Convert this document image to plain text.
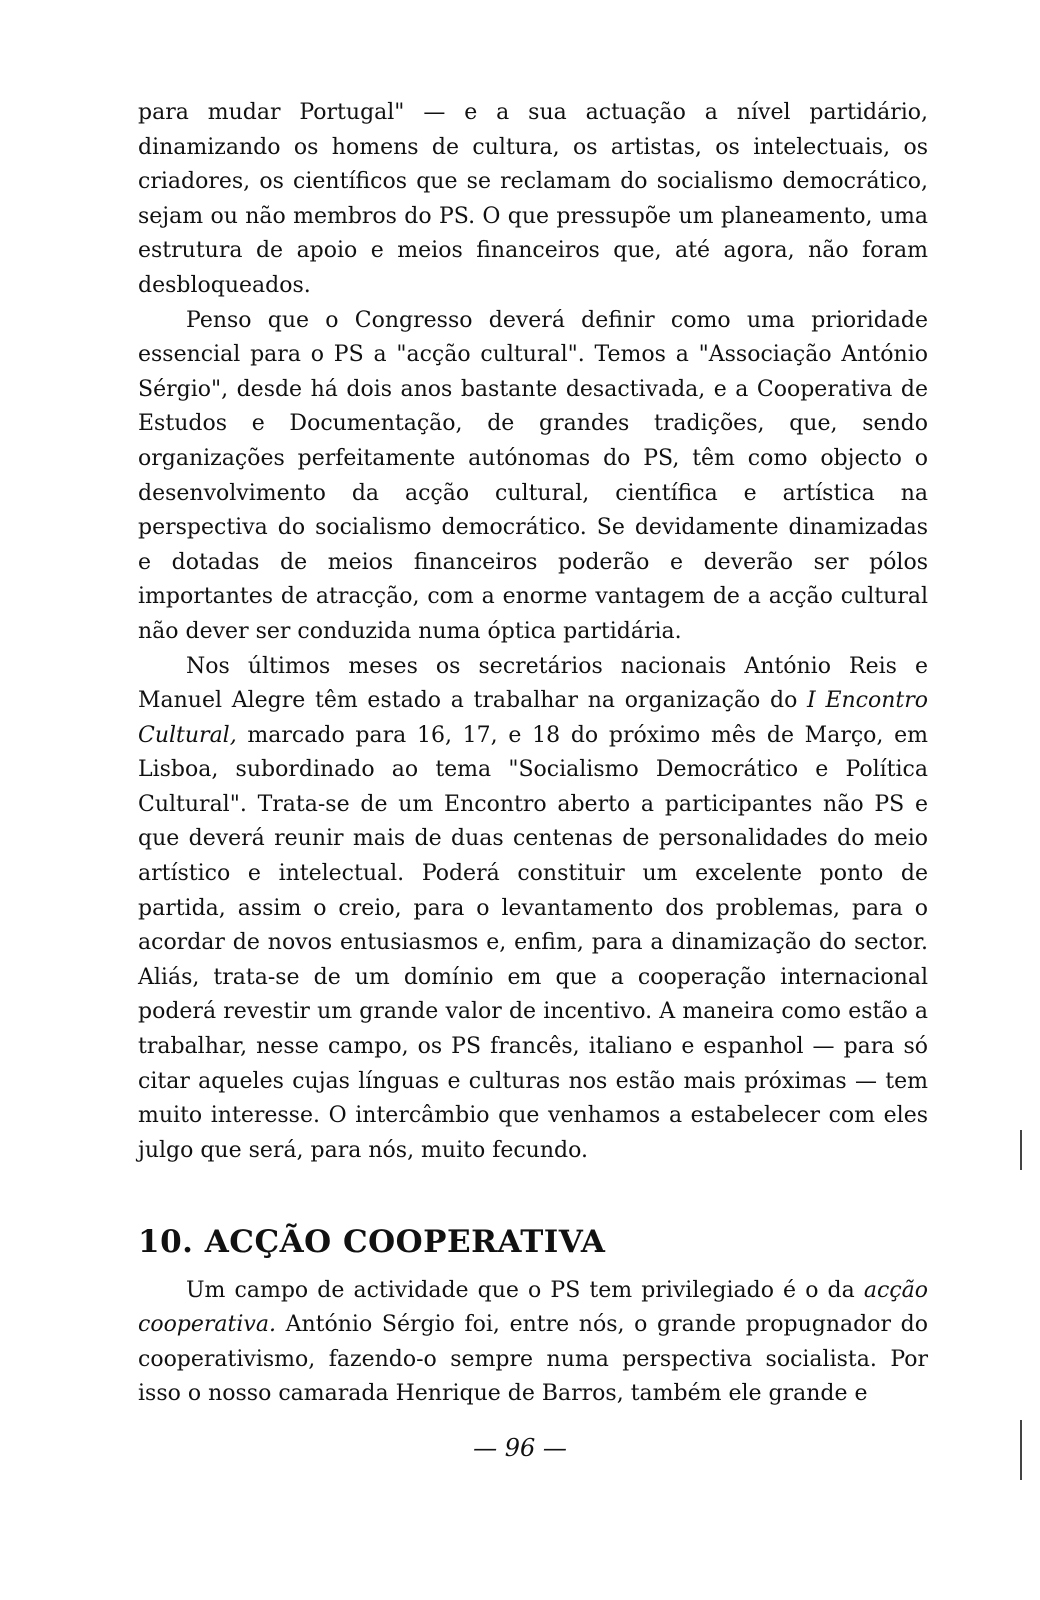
para mudar Portugal" — e a sua actuação a nível partidário, dinamizando os homens de cultura, os artistas, os intelectuais, os criadores, os científicos que se reclamam do socialismo democrático, sejam ou não membros do PS. O que pressupõe um planeamento, uma estrutura de apoio e meios financeiros que, até agora, não foram desbloqueados.

Penso que o Congresso deverá definir como uma prioridade essencial para o PS a "acção cultural". Temos a "Associação António Sérgio", desde há dois anos bastante desactivada, e a Cooperativa de Estudos e Documentação, de grandes tradições, que, sendo organizações perfeitamente autónomas do PS, têm como objecto o desenvolvimento da acção cultural, científica e artística na perspectiva do socialismo democrático. Se devidamente dinamizadas e dotadas de meios financeiros poderão e deverão ser pólos importantes de atracção, com a enorme vantagem de a acção cultural não dever ser conduzida numa óptica partidária.

Nos últimos meses os secretários nacionais António Reis e Manuel Alegre têm estado a trabalhar na organização do I Encontro Cultural, marcado para 16, 17, e 18 do próximo mês de Março, em Lisboa, subordinado ao tema "Socialismo Democrático e Política Cultural". Trata-se de um Encontro aberto a participantes não PS e que deverá reunir mais de duas centenas de personalidades do meio artístico e intelectual. Poderá constituir um excelente ponto de partida, assim o creio, para o levantamento dos problemas, para o acordar de novos entusiasmos e, enfim, para a dinamização do sector. Aliás, trata-se de um domínio em que a cooperação internacional poderá revestir um grande valor de incentivo. A maneira como estão a trabalhar, nesse campo, os PS francês, italiano e espanhol — para só citar aqueles cujas línguas e culturas nos estão mais próximas — tem muito interesse. O intercâmbio que venhamos a estabelecer com eles julgo que será, para nós, muito fecundo.

10. ACÇÃO COOPERATIVA

Um campo de actividade que o PS tem privilegiado é o da acção cooperativa. António Sérgio foi, entre nós, o grande propugnador do cooperativismo, fazendo-o sempre numa perspectiva socialista. Por isso o nosso camarada Henrique de Barros, também ele grande e

— 96 —
